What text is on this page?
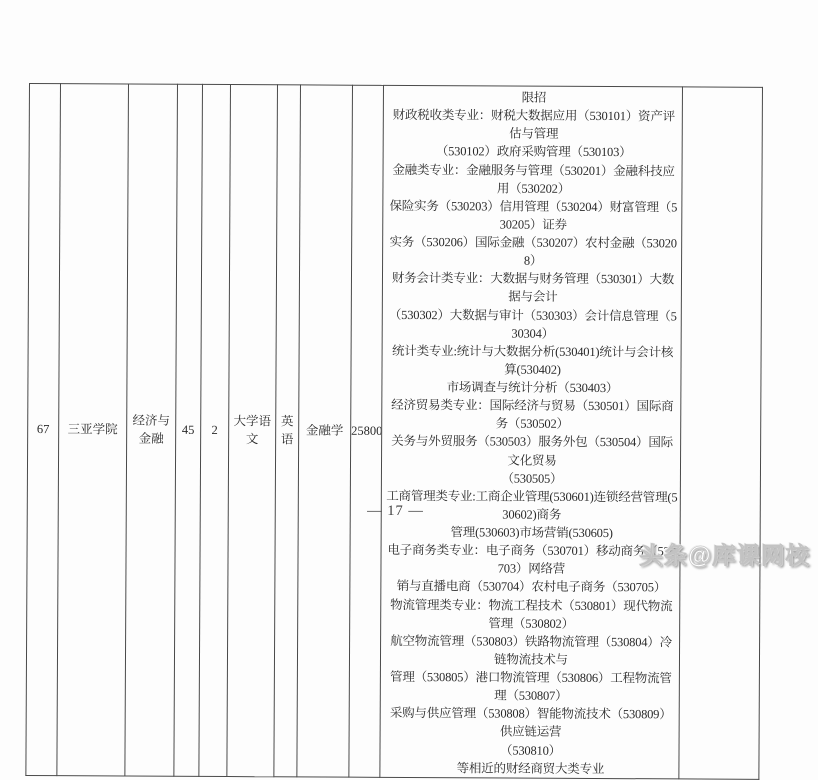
67	三亚学院	经济与金融	45	2	大学语文	英语	金融学	25800	限招
财政税收类专业：财税大数据应用（530101）资产评估与管理
（530102）政府采购管理（530103）
金融类专业：金融服务与管理（530201）金融科技应用（530202）
保险实务（530203）信用管理（530204）财富管理（530205）证券
实务（530206）国际金融（530207）农村金融（530208）
财务会计类专业：大数据与财务管理（530301）大数据与会计
（530302）大数据与审计（530303）会计信息管理（530304）
统计类专业:统计与大数据分析(530401)统计与会计核算(530402)
市场调查与统计分析（530403）
经济贸易类专业：国际经济与贸易（530501）国际商务（530502）
关务与外贸服务（530503）服务外包（530504）国际文化贸易
（530505）
工商管理类专业:工商企业管理(530601)连锁经营管理(530602)商务
管理(530603)市场营销(530605)
电子商务类专业：电子商务（530701）移动商务（530703）网络营
销与直播电商（530704）农村电子商务（530705）
物流管理类专业：物流工程技术（530801）现代物流管理（530802）
航空物流管理（530803）铁路物流管理（530804）冷链物流技术与
管理（530805）港口物流管理（530806）工程物流管理（530807）
采购与供应管理（530808）智能物流技术（530809）供应链运营
（530810）
等相近的财经商贸大类专业	
— 17 —
头条@库课网校
